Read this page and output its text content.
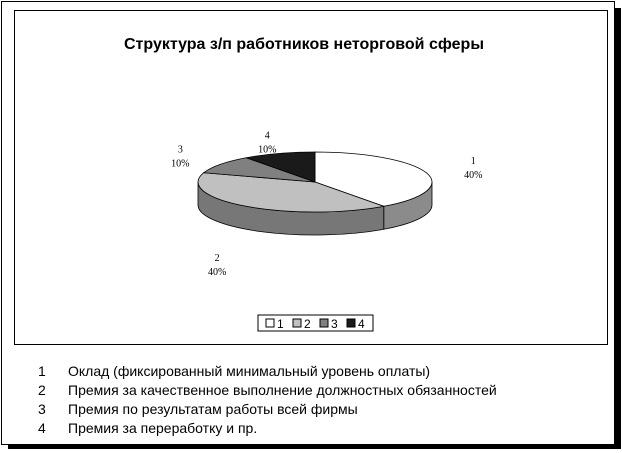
Структура з/п работников неторговой сферы
1
40%
2
40%
3
10%
4
10%
1 2 3 4
1 Оклад (фиксированный минимальный уровень оплаты)
2 Премия за качественное выполнение должностных обязанностей
3 Премия по результатам работы всей фирмы
4 Премия за переработку и пр.
